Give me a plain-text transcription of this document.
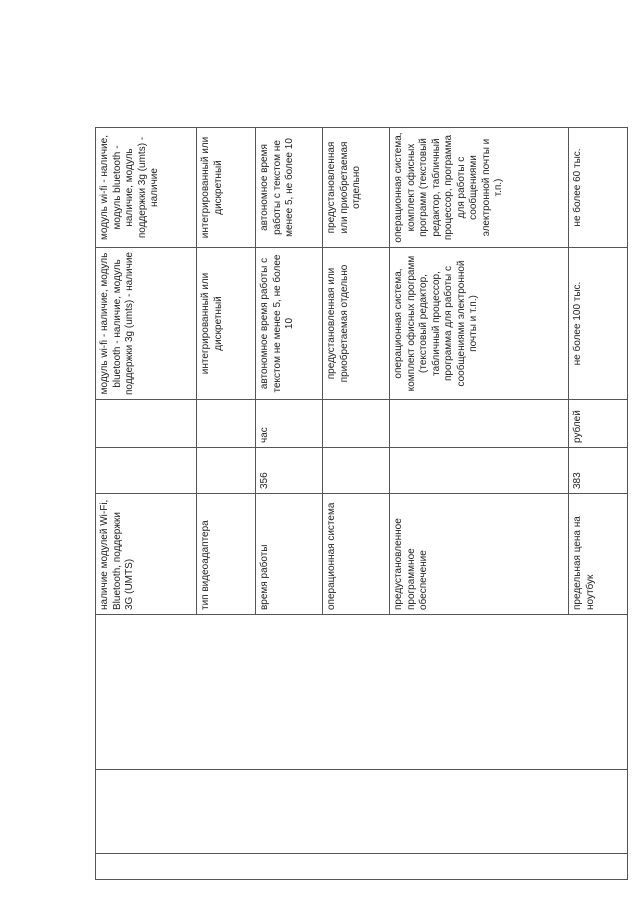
			наличие модулей Wi-Fi, Bluetooth, поддержки 3G (UMTS)			модуль wi-fi - наличие, модуль bluetooth - наличие, модуль поддержки 3g (umts) - наличие	модуль wi-fi - наличие, модуль bluetooth - наличие, модуль поддержки 3g (umts) - наличие
			тип видеоадаптера			интегрированный или дискретный	интегрированный или дискретный
			время работы	356	час	автономное время работы с текстом не менее 5, не более 10	автономное время работы с текстом не менее 5, не более 10
			операционная система			предустановленная или приобретаемая отдельно	предустановленная или приобретаемая отдельно
			предустановленное программное обеспечение			операционная система, комплект офисных программ (текстовый редактор, табличный процессор, программа для работы с сообщениями электронной почты и т.п.)	операционная система, комплект офисных программ (текстовый редактор, табличный процессор, программа для работы с сообщениями электронной почты и т.п.)
			предельная цена на ноутбук	383	рублей	не более 100 тыс.	не более 60 тыс.
